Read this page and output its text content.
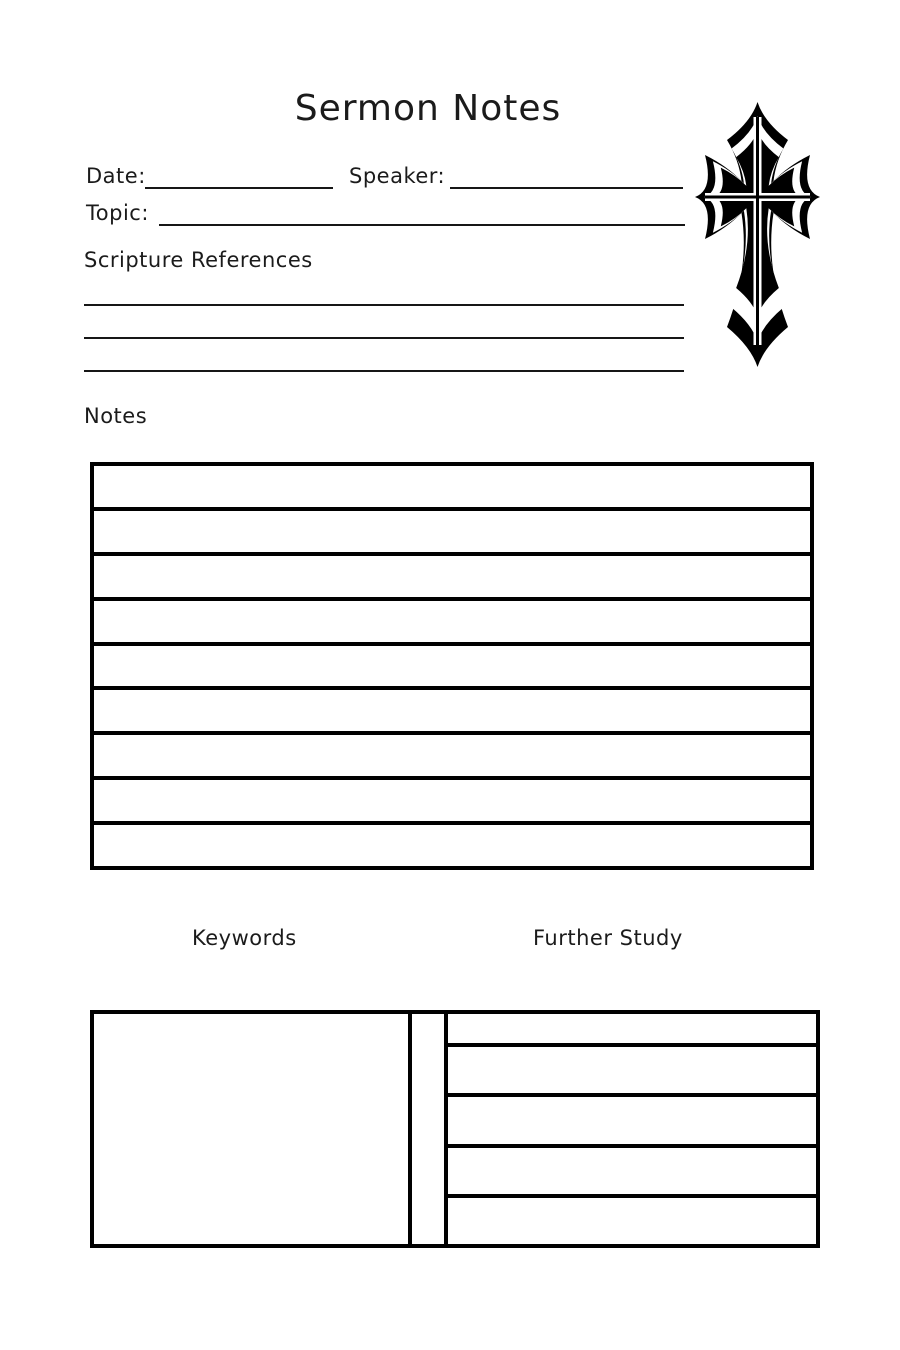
Sermon Notes
Date:	Speaker:
Topic:
Scripture References
Notes
Keywords	Further Study
